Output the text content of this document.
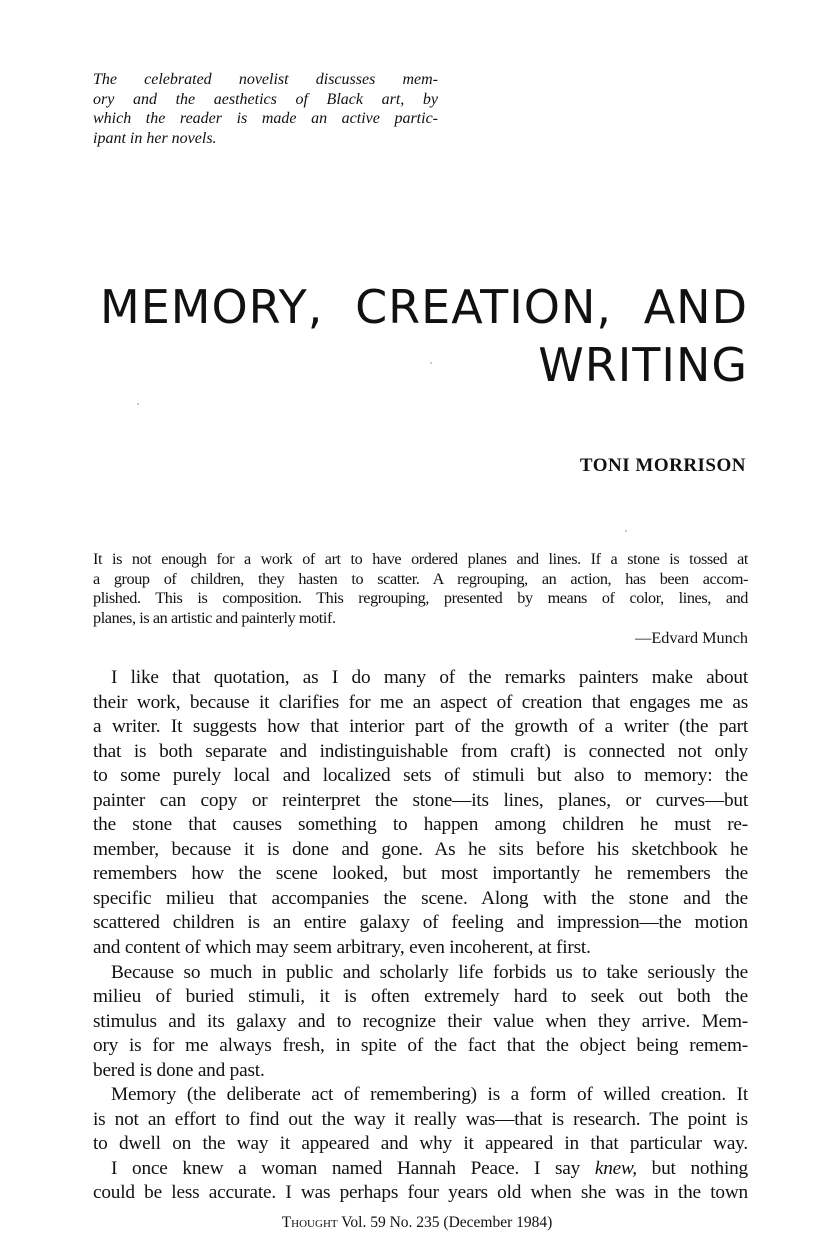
The celebrated novelist discusses mem-
ory and the aesthetics of Black art, by
which the reader is made an active partic-
ipant in her novels.
MEMORY, CREATION, AND
WRITING
TONI MORRISON
It is not enough for a work of art to have ordered planes and lines. If a stone is tossed at
a group of children, they hasten to scatter. A regrouping, an action, has been accom-
plished. This is composition. This regrouping, presented by means of color, lines, and
planes, is an artistic and painterly motif.
—Edvard Munch
I like that quotation, as I do many of the remarks painters make about
their work, because it clarifies for me an aspect of creation that engages me as
a writer. It suggests how that interior part of the growth of a writer (the part
that is both separate and indistinguishable from craft) is connected not only
to some purely local and localized sets of stimuli but also to memory: the
painter can copy or reinterpret the stone—its lines, planes, or curves—but
the stone that causes something to happen among children he must re-
member, because it is done and gone. As he sits before his sketchbook he
remembers how the scene looked, but most importantly he remembers the
specific milieu that accompanies the scene. Along with the stone and the
scattered children is an entire galaxy of feeling and impression—the motion
and content of which may seem arbitrary, even incoherent, at first.
Because so much in public and scholarly life forbids us to take seriously the
milieu of buried stimuli, it is often extremely hard to seek out both the
stimulus and its galaxy and to recognize their value when they arrive. Mem-
ory is for me always fresh, in spite of the fact that the object being remem-
bered is done and past.
Memory (the deliberate act of remembering) is a form of willed creation. It
is not an effort to find out the way it really was—that is research. The point is
to dwell on the way it appeared and why it appeared in that particular way.
I once knew a woman named Hannah Peace. I say knew, but nothing
could be less accurate. I was perhaps four years old when she was in the town
Thought Vol. 59 No. 235 (December 1984)
